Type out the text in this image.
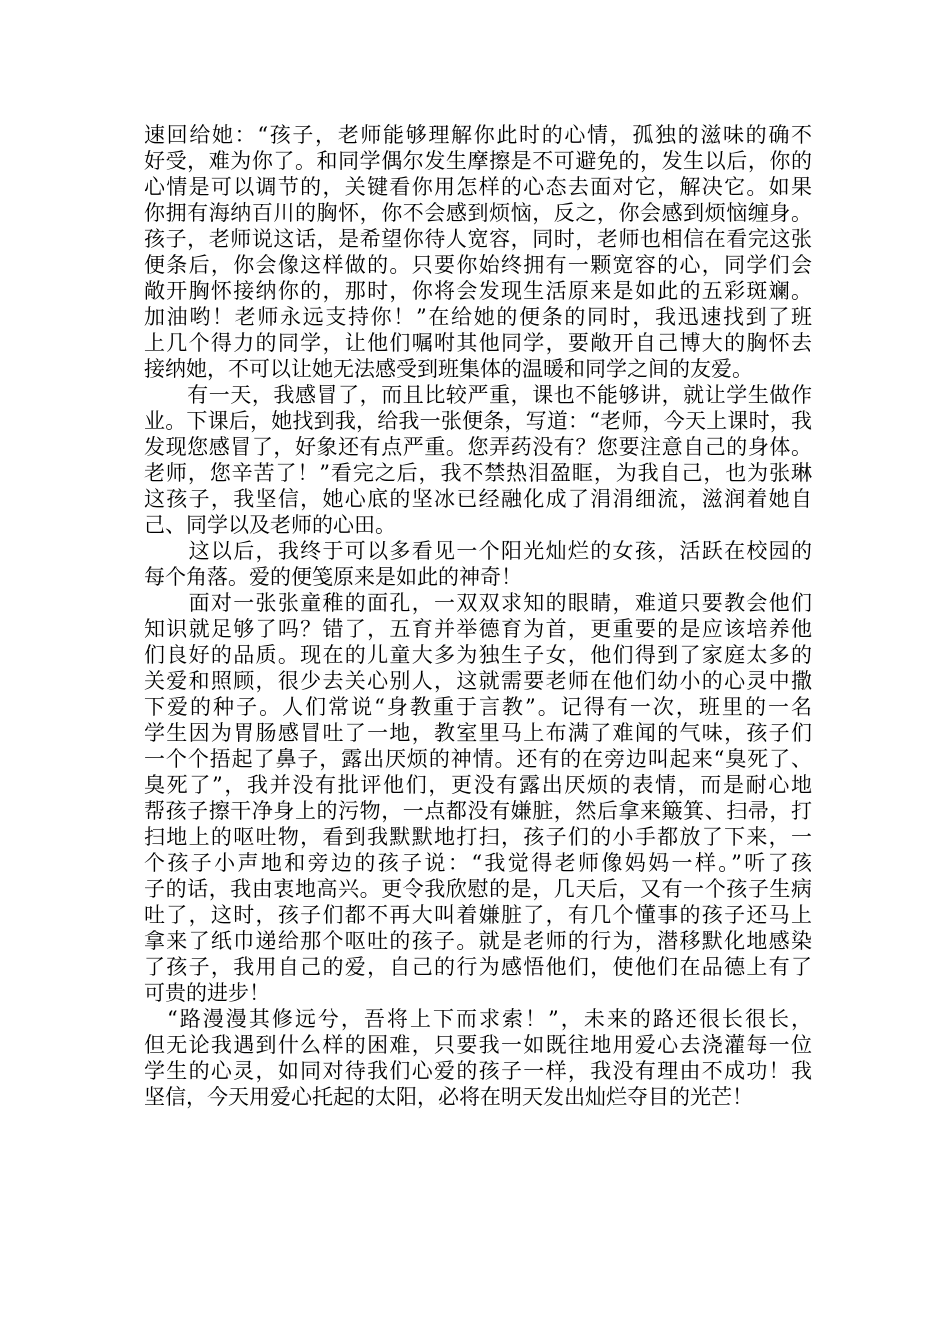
速回给她：“孩子，老师能够理解你此时的心情，孤独的滋味的确不
好受，难为你了。和同学偶尔发生摩擦是不可避免的，发生以后，你的
心情是可以调节的，关键看你用怎样的心态去面对它，解决它。如果
你拥有海纳百川的胸怀，你不会感到烦恼，反之，你会感到烦恼缠身。
孩子，老师说这话，是希望你待人宽容，同时，老师也相信在看完这张
便条后，你会像这样做的。只要你始终拥有一颗宽容的心，同学们会
敞开胸怀接纳你的，那时，你将会发现生活原来是如此的五彩斑斓。
加油哟！老师永远支持你！”在给她的便条的同时，我迅速找到了班
上几个得力的同学，让他们嘱咐其他同学，要敞开自己博大的胸怀去
接纳她，不可以让她无法感受到班集体的温暖和同学之间的友爱。
　　有一天，我感冒了，而且比较严重，课也不能够讲，就让学生做作
业。下课后，她找到我，给我一张便条，写道：“老师，今天上课时，我
发现您感冒了，好象还有点严重。您弄药没有？您要注意自己的身体。
老师，您辛苦了！”看完之后，我不禁热泪盈眶，为我自己，也为张琳
这孩子，我坚信，她心底的坚冰已经融化成了涓涓细流，滋润着她自
己、同学以及老师的心田。
　　这以后，我终于可以多看见一个阳光灿烂的女孩，活跃在校园的
每个角落。爱的便笺原来是如此的神奇！
　　面对一张张童稚的面孔，一双双求知的眼睛，难道只要教会他们
知识就足够了吗？错了，五育并举德育为首，更重要的是应该培养他
们良好的品质。现在的儿童大多为独生子女，他们得到了家庭太多的
关爱和照顾，很少去关心别人，这就需要老师在他们幼小的心灵中撒
下爱的种子。人们常说“身教重于言教”。记得有一次，班里的一名
学生因为胃肠感冒吐了一地，教室里马上布满了难闻的气味，孩子们
一个个捂起了鼻子，露出厌烦的神情。还有的在旁边叫起来“臭死了、
臭死了”，我并没有批评他们，更没有露出厌烦的表情，而是耐心地
帮孩子擦干净身上的污物，一点都没有嫌脏，然后拿来簸箕、扫帚，打
扫地上的呕吐物，看到我默默地打扫，孩子们的小手都放了下来，一
个孩子小声地和旁边的孩子说：“我觉得老师像妈妈一样。”听了孩
子的话，我由衷地高兴。更令我欣慰的是，几天后，又有一个孩子生病
吐了，这时，孩子们都不再大叫着嫌脏了，有几个懂事的孩子还马上
拿来了纸巾递给那个呕吐的孩子。就是老师的行为，潜移默化地感染
了孩子，我用自己的爱，自己的行为感悟他们，使他们在品德上有了
可贵的进步！
　“路漫漫其修远兮，吾将上下而求索！”，未来的路还很长很长，
但无论我遇到什么样的困难，只要我一如既往地用爱心去浇灌每一位
学生的心灵，如同对待我们心爱的孩子一样，我没有理由不成功！我
坚信，今天用爱心托起的太阳，必将在明天发出灿烂夺目的光芒！
